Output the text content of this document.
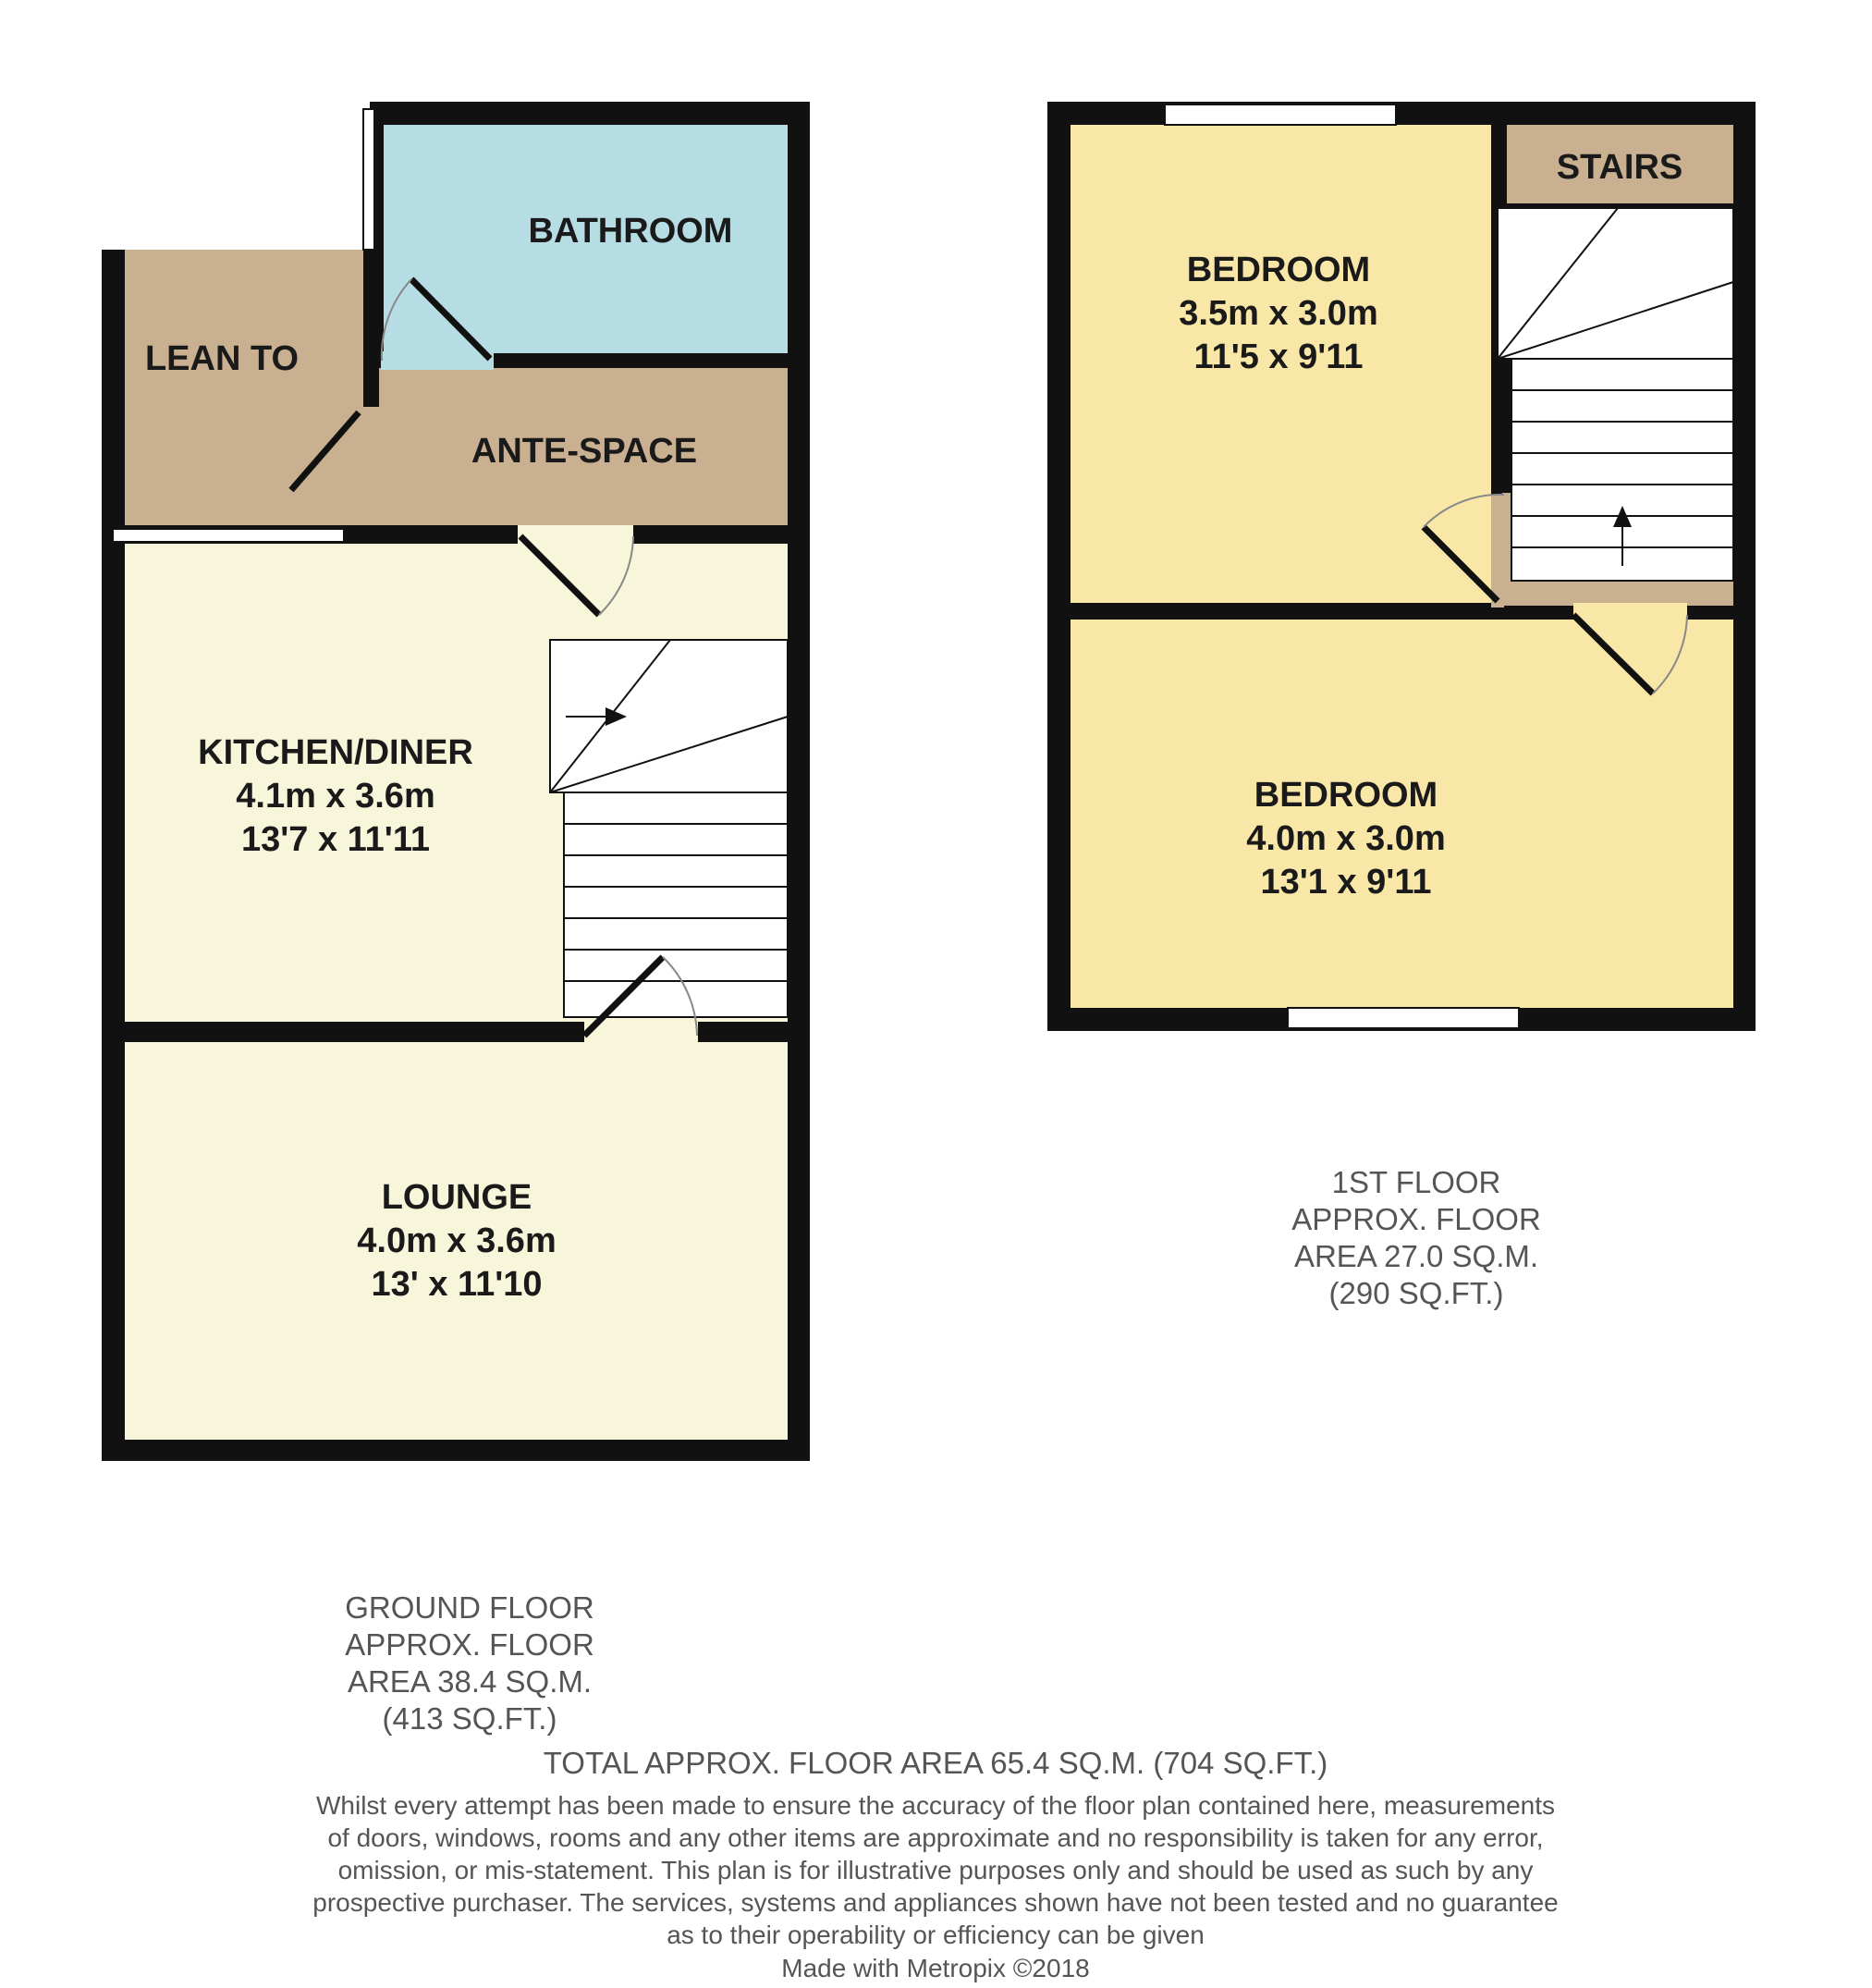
BATHROOM
LEAN TO
ANTE-SPACE
KITCHEN/DINER
4.1m x 3.6m
13'7 x 11'11
LOUNGE
4.0m x 3.6m
13' x 11'10
STAIRS
BEDROOM
3.5m x 3.0m
11'5 x 9'11
BEDROOM
4.0m x 3.0m
13'1 x 9'11
1ST FLOOR
APPROX. FLOOR
AREA 27.0 SQ.M.
(290 SQ.FT.)
GROUND FLOOR
APPROX. FLOOR
AREA 38.4 SQ.M.
(413 SQ.FT.)
TOTAL APPROX. FLOOR AREA 65.4 SQ.M. (704 SQ.FT.)
Whilst every attempt has been made to ensure the accuracy of the floor plan contained here, measurements
of doors, windows, rooms and any other items are approximate and no responsibility is taken for any error,
omission, or mis-statement. This plan is for illustrative purposes only and should be used as such by any
prospective purchaser. The services, systems and appliances shown have not been tested and no guarantee
as to their operability or efficiency can be given
Made with Metropix ©2018
